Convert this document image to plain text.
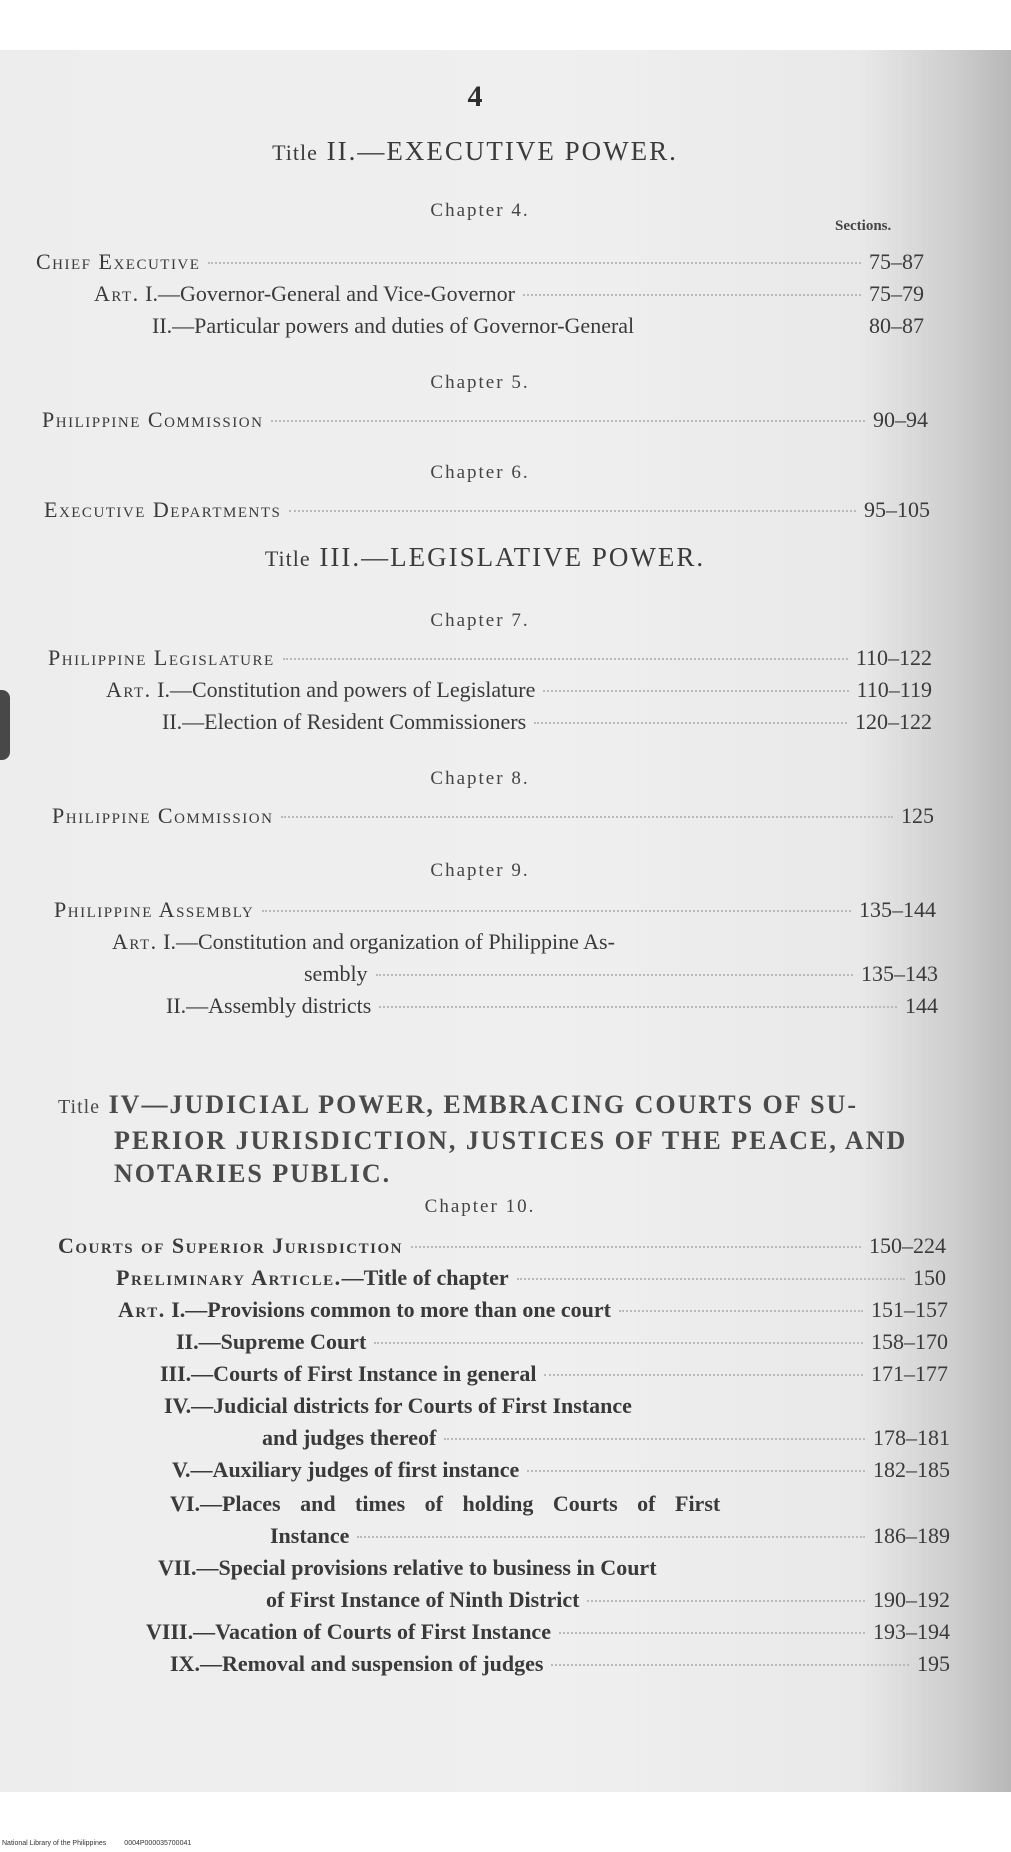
4
Title II.—EXECUTIVE POWER.
Chapter 4.
Sections.
Chief Executive	75–87
Art. I.—Governor-General and Vice-Governor	75–79
II.—Particular powers and duties of Governor-General	80–87
Chapter 5.
Philippine Commission	90–94
Chapter 6.
Executive Departments	95–105
Title III.—LEGISLATIVE POWER.
Chapter 7.
Philippine Legislature	110–122
Art. I.—Constitution and powers of Legislature	110–119
II.—Election of Resident Commissioners	120–122
Chapter 8.
Philippine Commission	125
Chapter 9.
Philippine Assembly	135–144
Art. I.—Constitution and organization of Philippine As-
sembly	135–143
II.—Assembly districts	144
Title IV—JUDICIAL POWER, EMBRACING COURTS OF SU-
PERIOR JURISDICTION, JUSTICES OF THE PEACE, AND
NOTARIES PUBLIC.
Chapter 10.
Courts of Superior Jurisdiction	150–224
Preliminary Article.—Title of chapter	150
Art. I.—Provisions common to more than one court	151–157
II.—Supreme Court	158–170
III.—Courts of First Instance in general	171–177
IV.—Judicial districts for Courts of First Instance
and judges thereof	178–181
V.—Auxiliary judges of first instance	182–185
VI.—Places and times of holding Courts of First
Instance	186–189
VII.—Special provisions relative to business in Court
of First Instance of Ninth District	190–192
VIII.—Vacation of Courts of First Instance	193–194
IX.—Removal and suspension of judges	195
National Library of the Philippines	0004P000035700041
